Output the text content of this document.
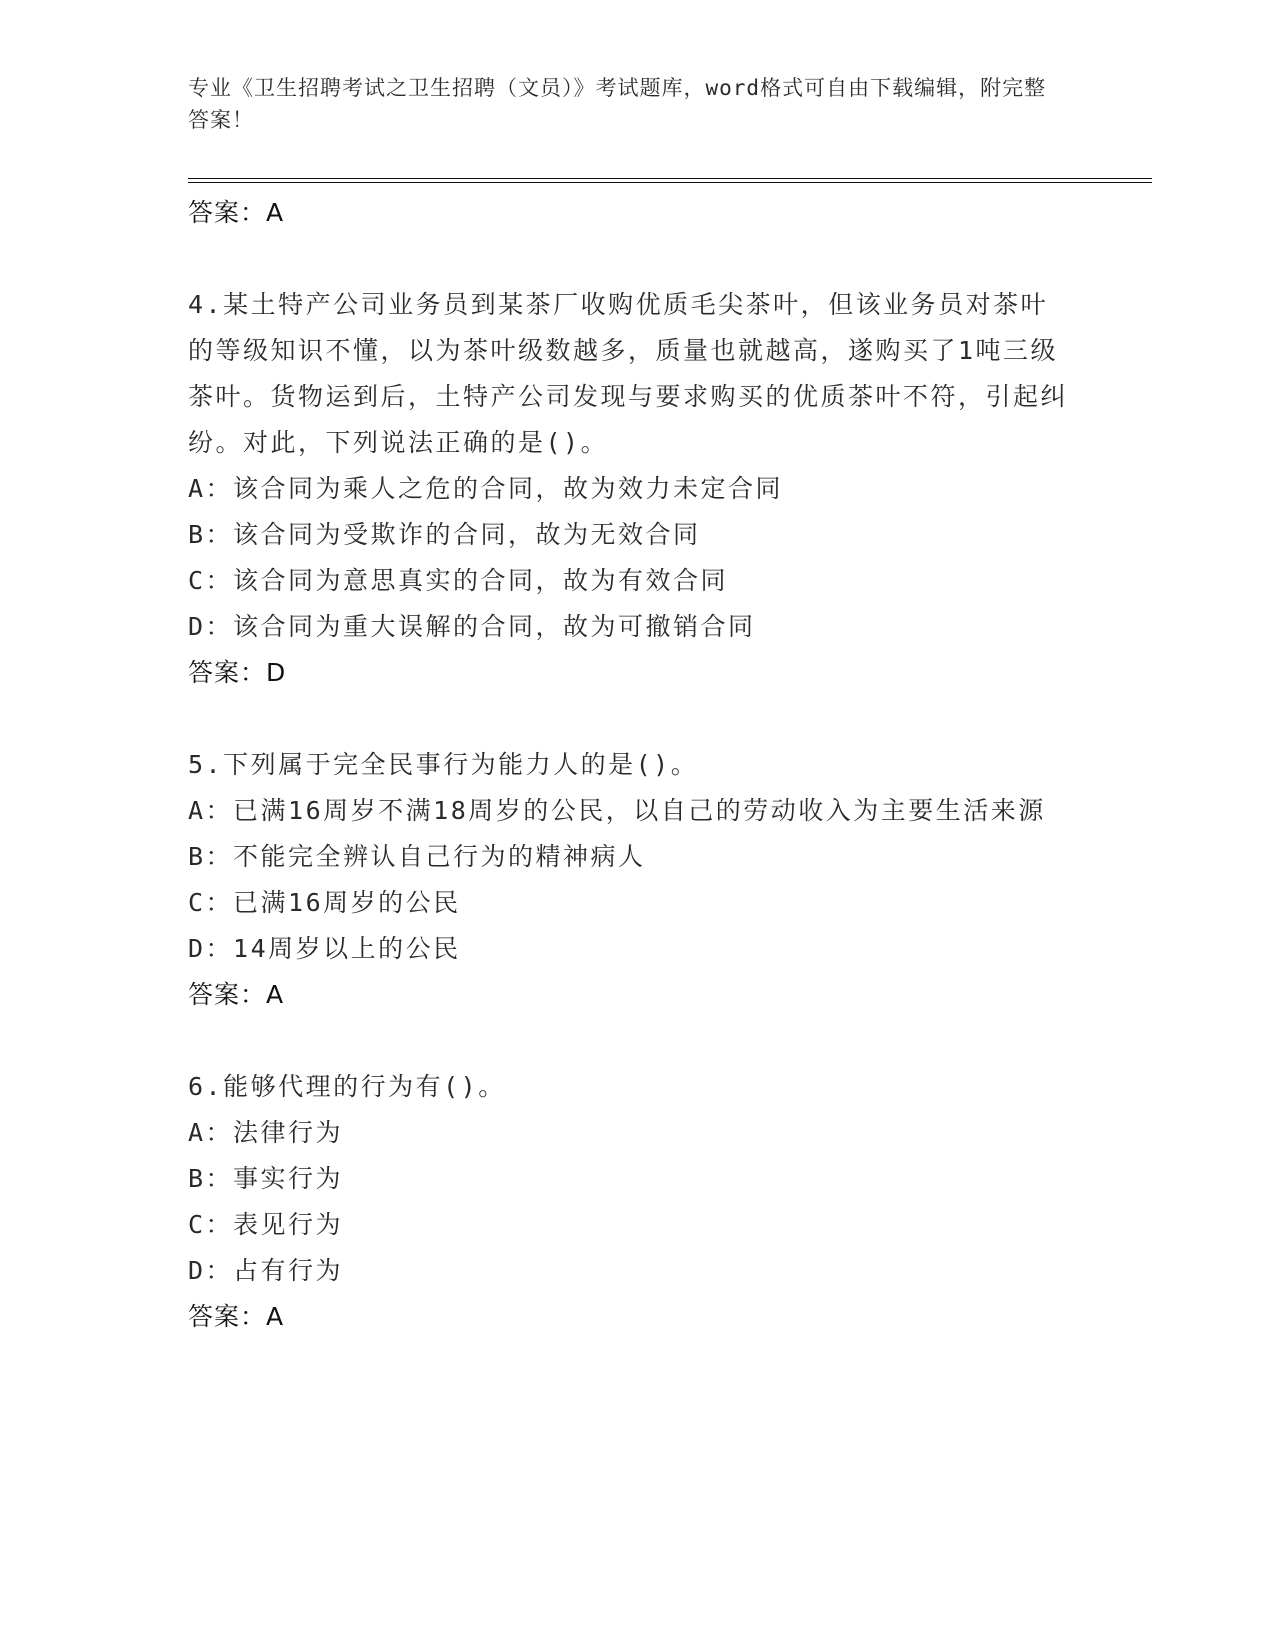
专业《卫生招聘考试之卫生招聘（文员）》考试题库，word格式可自由下载编辑，附完整答案！
答案：A
4.某土特产公司业务员到某茶厂收购优质毛尖茶叶，但该业务员对茶叶的等级知识不懂，以为茶叶级数越多，质量也就越高，遂购买了1吨三级茶叶。货物运到后，土特产公司发现与要求购买的优质茶叶不符，引起纠纷。对此，下列说法正确的是()。
A：该合同为乘人之危的合同，故为效力未定合同
B：该合同为受欺诈的合同，故为无效合同
C：该合同为意思真实的合同，故为有效合同
D：该合同为重大误解的合同，故为可撤销合同
答案：D
5.下列属于完全民事行为能力人的是()。
A：已满16周岁不满18周岁的公民，以自己的劳动收入为主要生活来源
B：不能完全辨认自己行为的精神病人
C：已满16周岁的公民
D：14周岁以上的公民
答案：A
6.能够代理的行为有()。
A：法律行为
B：事实行为
C：表见行为
D：占有行为
答案：A
